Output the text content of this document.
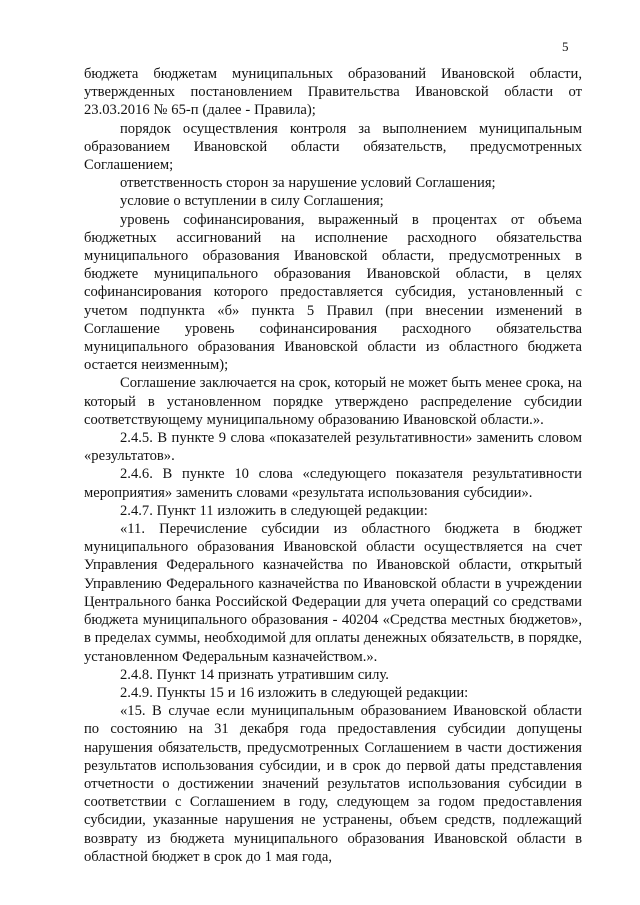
5

бюджета бюджетам муниципальных образований Ивановской области, утвержденных постановлением Правительства Ивановской области от 23.03.2016 № 65-п (далее - Правила);

порядок осуществления контроля за выполнением муниципальным образованием Ивановской области обязательств, предусмотренных Соглашением;

ответственность сторон за нарушение условий Соглашения;

условие о вступлении в силу Соглашения;

уровень софинансирования, выраженный в процентах от объема бюджетных ассигнований на исполнение расходного обязательства муниципального образования Ивановской области, предусмотренных в бюджете муниципального образования Ивановской области, в целях софинансирования которого предоставляется субсидия, установленный с учетом подпункта «б» пункта 5 Правил (при внесении изменений в Соглашение уровень софинансирования расходного обязательства муниципального образования Ивановской области из областного бюджета остается неизменным);

Соглашение заключается на срок, который не может быть менее срока, на который в установленном порядке утверждено распределение субсидии соответствующему муниципальному образованию Ивановской области.».

2.4.5. В пункте 9 слова «показателей результативности» заменить словом «результатов».

2.4.6. В пункте 10 слова «следующего показателя результативности мероприятия» заменить словами «результата использования субсидии».

2.4.7. Пункт 11 изложить в следующей редакции:

«11. Перечисление субсидии из областного бюджета в бюджет муниципального образования Ивановской области осуществляется на счет Управления Федерального казначейства по Ивановской области, открытый Управлению Федерального казначейства по Ивановской области в учреждении Центрального банка Российской Федерации для учета операций со средствами бюджета муниципального образования - 40204 «Средства местных бюджетов», в пределах суммы, необходимой для оплаты денежных обязательств, в порядке, установленном Федеральным казначейством.».

2.4.8. Пункт 14 признать утратившим силу.

2.4.9. Пункты 15 и 16 изложить в следующей редакции:

«15. В случае если муниципальным образованием Ивановской области по состоянию на 31 декабря года предоставления субсидии допущены нарушения обязательств, предусмотренных Соглашением в части достижения результатов использования субсидии, и в срок до первой даты представления отчетности о достижении значений результатов использования субсидии в соответствии с Соглашением в году, следующем за годом предоставления субсидии, указанные нарушения не устранены, объем средств, подлежащий возврату из бюджета муниципального образования Ивановской области в областной бюджет в срок до 1 мая года,
